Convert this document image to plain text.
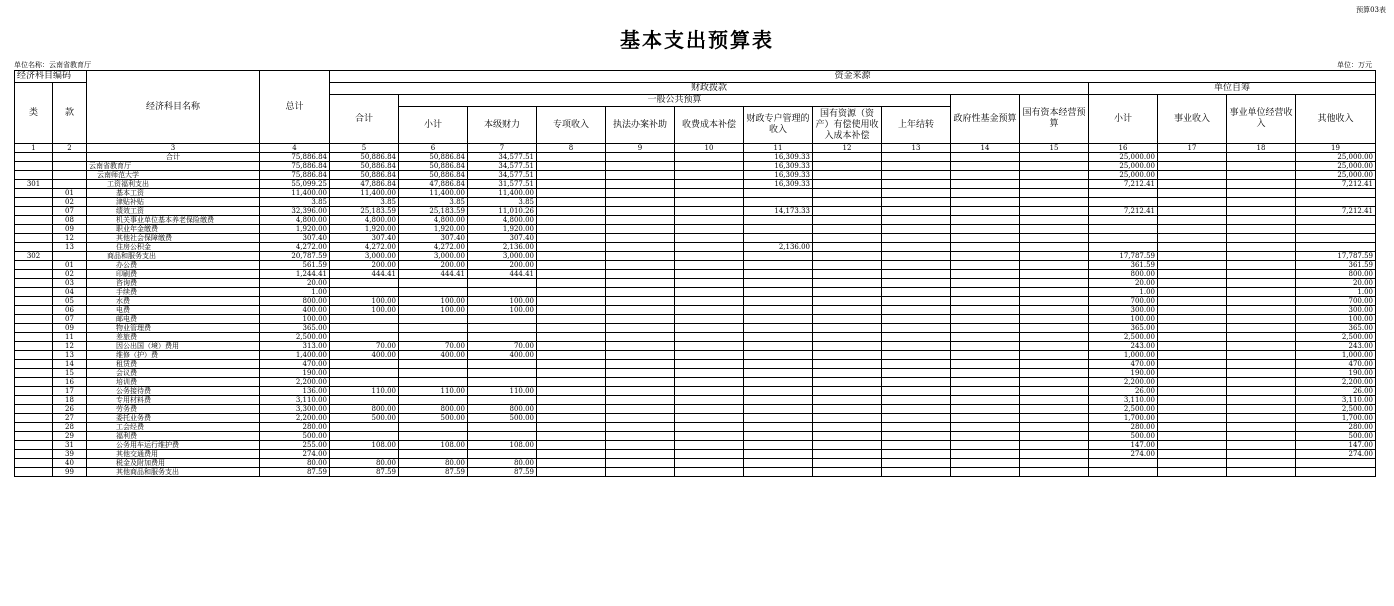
预算03表
基本支出预算表
单位名称：云南省教育厅	单位：万元
经济科目编码		经济科目名称	总计	资金来源														
类	款			财政拨款											单位自筹			
				合计	一般公共预算								政府性基金预算	国有资本经营预算	小计	事业收入	事业单位经营收入	其他收入
					小计	本级财力	专项收入	执法办案补助	收费成本补偿	财政专户管理的收入	国有资源（资产）有偿使用收入成本补偿	上年结转						
1	2	3	4	5	6	7	8	9	10	11	12	13	14	15	16	17	18	19
		合计	75,886.84	50,886.84	50,886.84	34,577.51				16,309.33					25,000.00			25,000.00
		云南省教育厅	75,886.84	50,886.84	50,886.84	34,577.51				16,309.33					25,000.00			25,000.00
		云南师范大学	75,886.84	50,886.84	50,886.84	34,577.51				16,309.33					25,000.00			25,000.00
301		工资福利支出	55,099.25	47,886.84	47,886.84	31,577.51				16,309.33					7,212.41			7,212.41
	01	基本工资	11,400.00	11,400.00	11,400.00	11,400.00												
	02	津贴补贴	3.85	3.85	3.85	3.85												
	07	绩效工资	32,396.00	25,183.59	25,183.59	11,010.26				14,173.33					7,212.41			7,212.41
	08	机关事业单位基本养老保险缴费	4,800.00	4,800.00	4,800.00	4,800.00												
	09	职业年金缴费	1,920.00	1,920.00	1,920.00	1,920.00												
	12	其他社会保障缴费	307.40	307.40	307.40	307.40												
	13	住房公积金	4,272.00	4,272.00	4,272.00	2,136.00				2,136.00								
302		商品和服务支出	20,787.59	3,000.00	3,000.00	3,000.00									17,787.59			17,787.59
	01	办公费	561.59	200.00	200.00	200.00									361.59			361.59
	02	印刷费	1,244.41	444.41	444.41	444.41									800.00			800.00
	03	咨询费	20.00												20.00			20.00
	04	手续费	1.00												1.00			1.00
	05	水费	800.00	100.00	100.00	100.00									700.00			700.00
	06	电费	400.00	100.00	100.00	100.00									300.00			300.00
	07	邮电费	100.00												100.00			100.00
	09	物业管理费	365.00												365.00			365.00
	11	差旅费	2,500.00												2,500.00			2,500.00
	12	因公出国（境）费用	313.00	70.00	70.00	70.00									243.00			243.00
	13	维修（护）费	1,400.00	400.00	400.00	400.00									1,000.00			1,000.00
	14	租赁费	470.00												470.00			470.00
	15	会议费	190.00												190.00			190.00
	16	培训费	2,200.00												2,200.00			2,200.00
	17	公务接待费	136.00	110.00	110.00	110.00									26.00			26.00
	18	专用材料费	3,110.00												3,110.00			3,110.00
	26	劳务费	3,300.00	800.00	800.00	800.00									2,500.00			2,500.00
	27	委托业务费	2,200.00	500.00	500.00	500.00									1,700.00			1,700.00
	28	工会经费	280.00												280.00			280.00
	29	福利费	500.00												500.00			500.00
	31	公务用车运行维护费	255.00	108.00	108.00	108.00									147.00			147.00
	39	其他交通费用	274.00												274.00			274.00
	40	税金及附加费用	80.00	80.00	80.00	80.00												
	99	其他商品和服务支出	87.59	87.59	87.59	87.59												
